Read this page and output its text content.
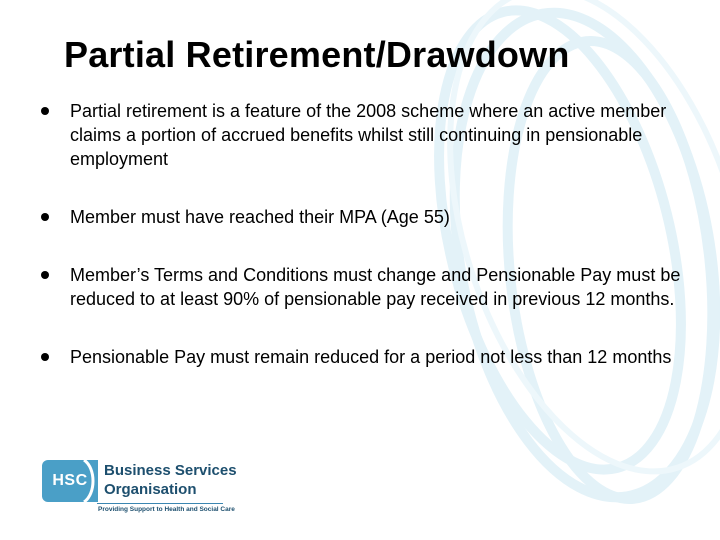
Partial Retirement/Drawdown
Partial retirement is a feature of the 2008 scheme where an active member claims a portion of accrued benefits whilst still continuing in pensionable employment
Member must have reached their MPA (Age 55)
Member’s Terms and Conditions must change and Pensionable Pay must be reduced to at least 90% of pensionable pay received in previous 12 months.
Pensionable Pay must remain reduced for a period not less than 12 months
HSC
Business Services
Organisation
Providing Support to Health and Social Care
